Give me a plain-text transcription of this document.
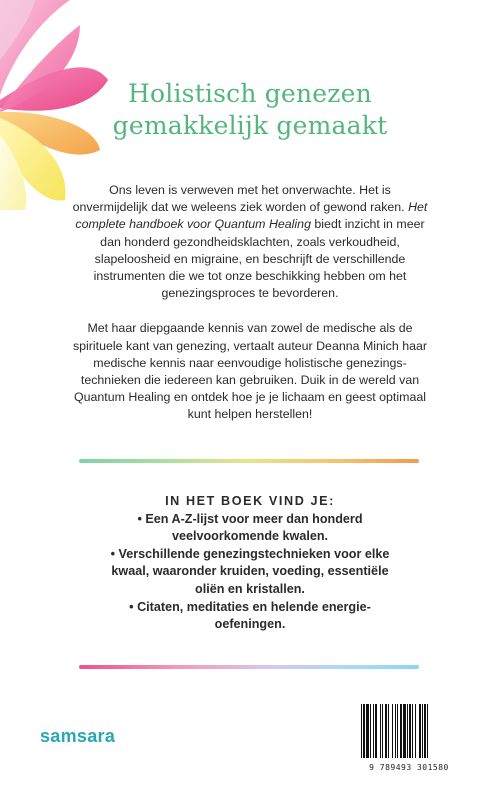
Holistisch genezen
gemakkelijk gemaakt

Ons leven is verweven met het onverwachte. Het is onvermijdelijk dat we weleens ziek worden of gewond raken. Het complete handboek voor Quantum Healing biedt inzicht in meer dan honderd gezondheidsklachten, zoals verkoudheid, slapeloosheid en migraine, en beschrijft de verschillende instrumenten die we tot onze beschikking hebben om het genezingsproces te bevorderen.

Met haar diepgaande kennis van zowel de medische als de spirituele kant van genezing, vertaalt auteur Deanna Minich haar medische kennis naar eenvoudige holistische genezings-technieken die iedereen kan gebruiken. Duik in de wereld van Quantum Healing en ontdek hoe je je lichaam en geest optimaal kunt helpen herstellen!

IN HET BOEK VIND JE:
• Een A-Z-lijst voor meer dan honderd veelvoorkomende kwalen.
• Verschillende genezingstechnieken voor elke kwaal, waaronder kruiden, voeding, essentiële oliën en kristallen.
• Citaten, meditaties en helende energie-oefeningen.
samsara
9 789493 301580
